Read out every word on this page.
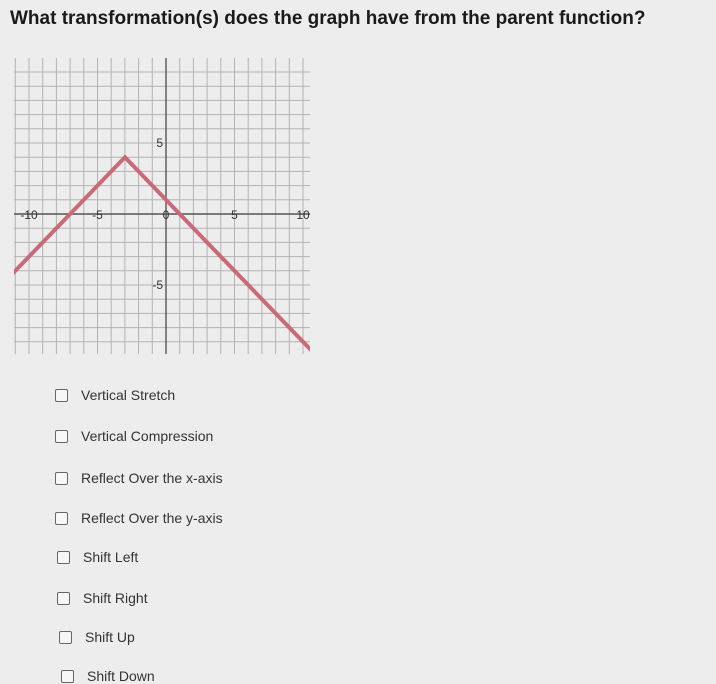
What transformation(s) does the graph have from the parent function?
-10	-5	0	5	10
5
-5
Vertical Stretch
Vertical Compression
Reflect Over the x-axis
Reflect Over the y-axis
Shift Left
Shift Right
Shift Up
Shift Down
